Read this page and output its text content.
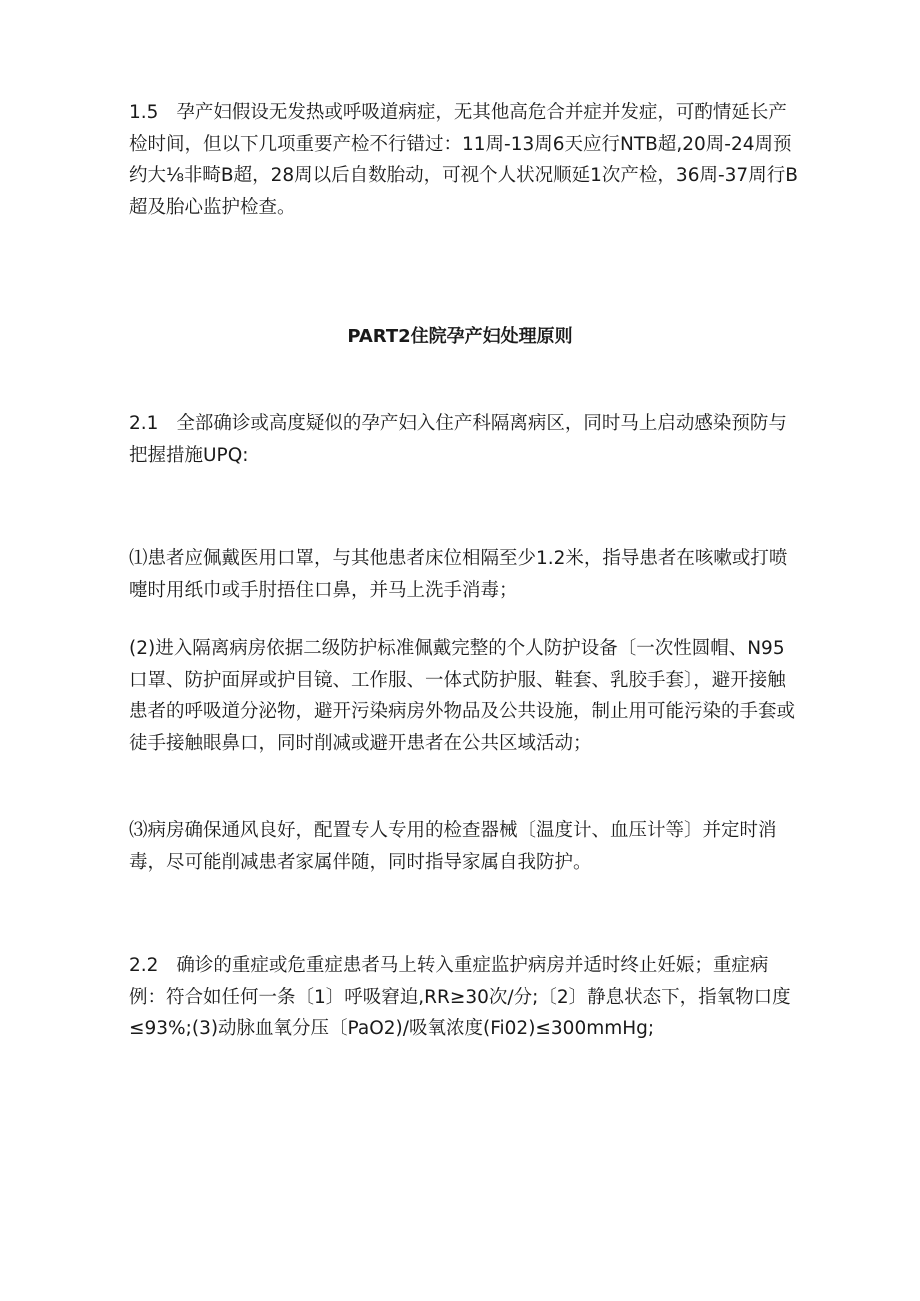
1.5 孕产妇假设无发热或呼吸道病症，无其他高危合并症并发症，可酌情延长产检时间，但以下几项重要产检不行错过：11周-13周6天应行NTB超,20周-24周预约大⅛非畸B超，28周以后自数胎动，可视个人状况顺延1次产检，36周-37周行B超及胎心监护检查。

PART2住院孕产妇处理原则

2.1 全部确诊或高度疑似的孕产妇入住产科隔离病区，同时马上启动感染预防与把握措施UPQ:

⑴患者应佩戴医用口罩，与其他患者床位相隔至少1.2米，指导患者在咳嗽或打喷嚏时用纸巾或手肘捂住口鼻，并马上洗手消毒；

(2)进入隔离病房依据二级防护标准佩戴完整的个人防护设备〔一次性圆帽、N95口罩、防护面屏或护目镜、工作服、一体式防护服、鞋套、乳胶手套〕，避开接触患者的呼吸道分泌物，避开污染病房外物品及公共设施，制止用可能污染的手套或徒手接触眼鼻口，同时削减或避开患者在公共区域活动；

⑶病房确保通风良好，配置专人专用的检查器械〔温度计、血压计等〕并定时消毒，尽可能削减患者家属伴随，同时指导家属自我防护。

2.2 确诊的重症或危重症患者马上转入重症监护病房并适时终止妊娠；重症病例：符合如任何一条〔1〕呼吸窘迫,RR≥30次/分;〔2〕静息状态下，指氧物口度≤93%;(3)动脉血氧分压〔PaO2)/吸氧浓度(Fi02)≤300mmHg;
